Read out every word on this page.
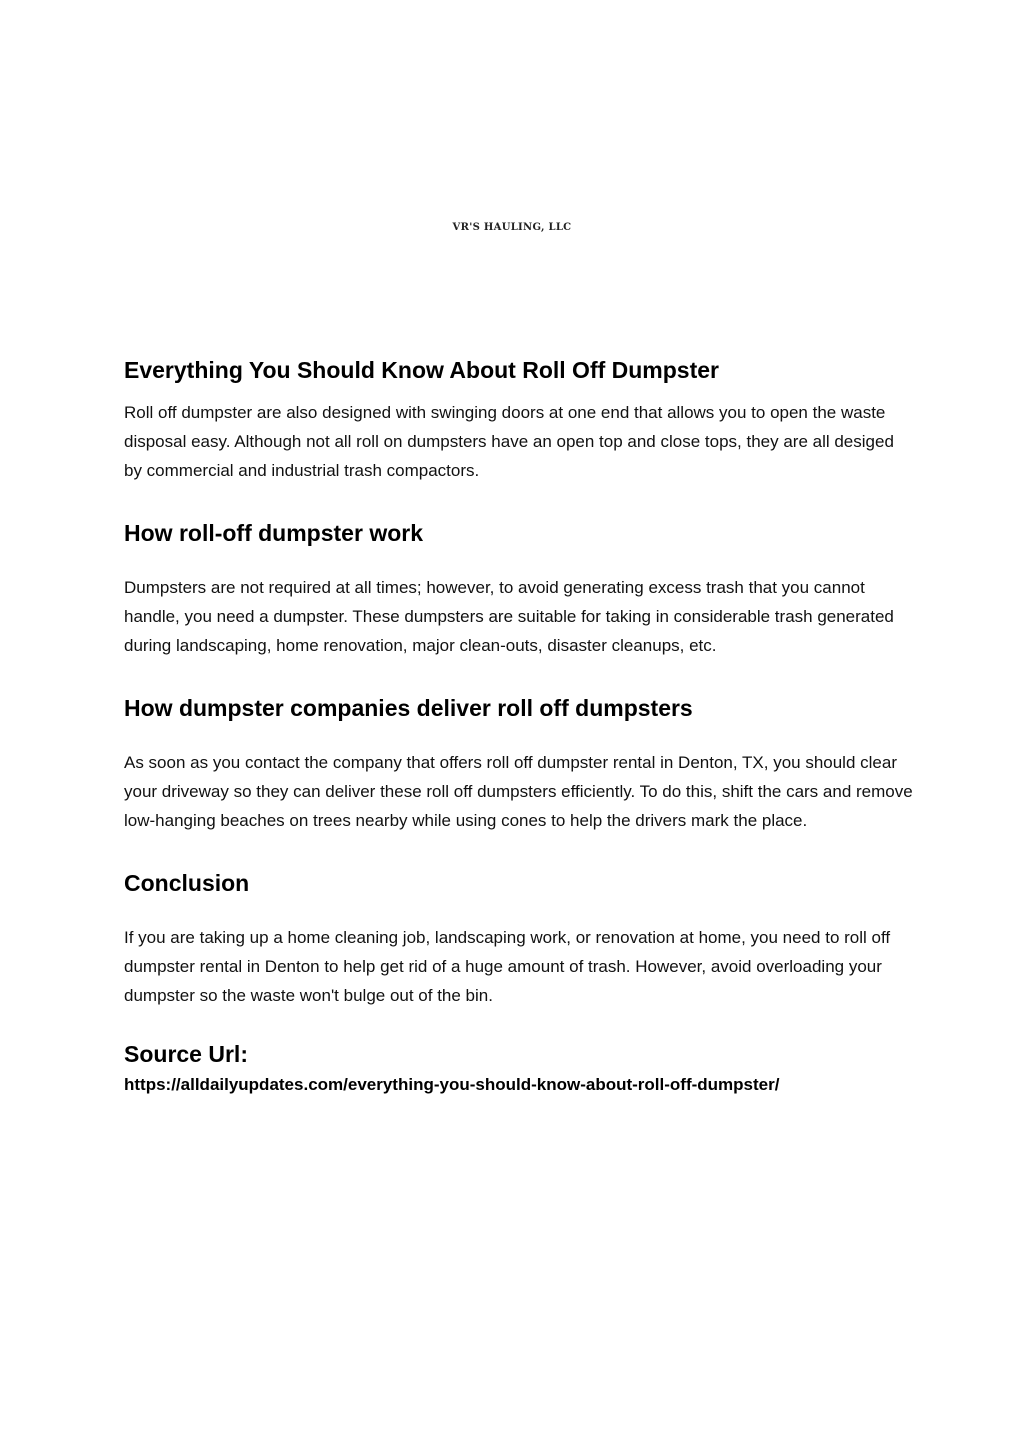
VR'S HAULING, LLC
Everything You Should Know About Roll Off Dumpster

Roll off dumpster are also designed with swinging doors at one end that allows you to open the waste disposal easy. Although not all roll on dumpsters have an open top and close tops, they are all desiged by commercial and industrial trash compactors.

How roll-off dumpster work

Dumpsters are not required at all times; however, to avoid generating excess trash that you cannot handle, you need a dumpster. These dumpsters are suitable for taking in considerable trash generated during landscaping, home renovation, major clean-outs, disaster cleanups, etc.

How dumpster companies deliver roll off dumpsters

As soon as you contact the company that offers roll off dumpster rental in Denton, TX, you should clear your driveway so they can deliver these roll off dumpsters efficiently. To do this, shift the cars and remove low-hanging beaches on trees nearby while using cones to help the drivers mark the place.

Conclusion

If you are taking up a home cleaning job, landscaping work, or renovation at home, you need to roll off dumpster rental in Denton to help get rid of a huge amount of trash. However, avoid overloading your dumpster so the waste won't bulge out of the bin.

Source Url:
https://alldailyupdates.com/everything-you-should-know-about-roll-off-dumpster/
